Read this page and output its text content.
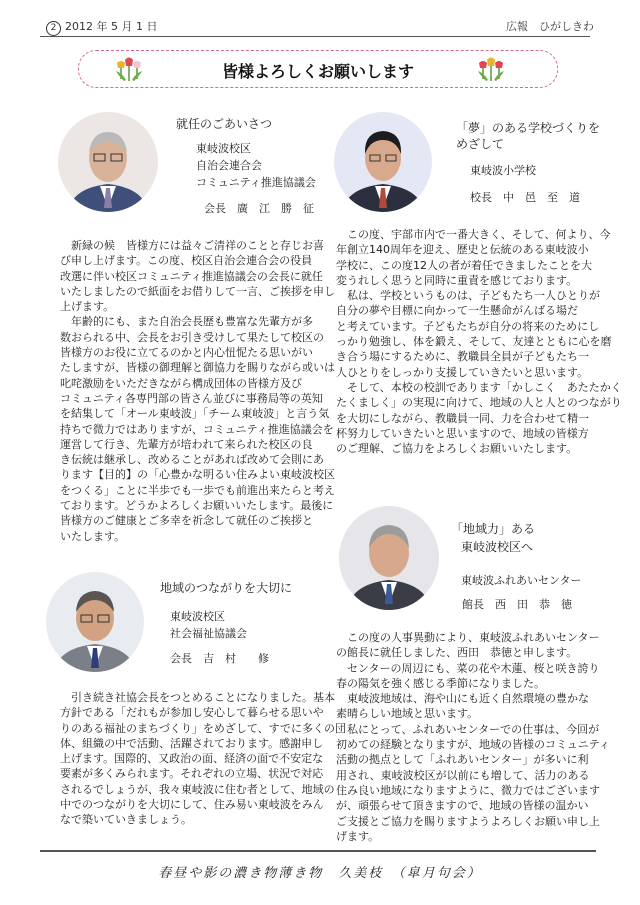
2 2012 年 5 月 1 日	広報　ひがしきわ
皆様よろしくお願いします
就任のごあいさつ
東岐波校区
自治会連合会
コミュニティ推進協議会
会長　廣　江　勝　征
　新緑の候　皆様方には益々ご清祥のことと存じお喜
び申し上げます。この度、校区自治会連合会の役員
改選に伴い校区コミュニティ推進協議会の会長に就任
いたしましたので紙面をお借りして一言、ご挨拶を申し
上げます。
　年齢的にも、また自治会長歴も豊富な先輩方が多
数おられる中、会長をお引き受けして果たして校区の
皆様方のお役に立てるのかと内心忸怩たる思いがい
たしますが、皆様の御理解と御協力を賜りながら或いは
叱咤激励をいただきながら構成団体の皆様方及び
コミュニティ各専門部の皆さん並びに事務局等の英知
を結集して「オール東岐波」「チーム東岐波」と言う気
持ちで微力ではありますが、コミュニティ推進協議会を
運営して行き、先輩方が培われて来られた校区の良
き伝統は継承し、改めることがあれば改めて会則にあ
ります【目的】の「心豊かな明るい住みよい東岐波校区
をつくる」ことに半歩でも一歩でも前進出来たらと考え
ております。どうかよろしくお願いいたします。最後に
皆様方のご健康とご多幸を祈念して就任のご挨拶と
いたします。
「夢」のある学校づくりを
めざして
東岐波小学校
校長　中　邑　至　道
　この度、宇部市内で一番大きく、そして、何より、今
年創立140周年を迎え、歴史と伝統のある東岐波小
学校に、この度12人の者が着任できましたことを大
変うれしく思うと同時に重責を感じております。
　私は、学校というものは、子どもたち一人ひとりが
自分の夢や目標に向かって一生懸命がんばる場だ
と考えています。子どもたちが自分の将来のためにし
っかり勉強し、体を鍛え、そして、友達とともに心を磨
き合う場にするために、教職員全員が子どもたち一
人ひとりをしっかり支援していきたいと思います。
　そして、本校の校訓であります「かしこく　あたたかく
たくましく」の実現に向けて、地域の人と人とのつながり
を大切にしながら、教職員一同、力を合わせて精一
杯努力していきたいと思いますので、地域の皆様方
のご理解、ご協力をよろしくお願いいたします。
地域のつながりを大切に
東岐波校区
社会福祉協議会
会長　吉　村　　修
　引き続き社協会長をつとめることになりました。基本
方針である「だれもが参加し安心して暮らせる思いや
りのある福祉のまちづくり」をめざして、すでに多くの団
体、組織の中で活動、活躍されております。感謝申し
上げます。国際的、又政治の面、経済の面で不安定な
要素が多くみられます。それぞれの立場、状況で対応
されるでしょうが、我々東岐波に住む者として、地域の
中でのつながりを大切にして、住み易い東岐波をみん
なで築いていきましょう。
「地域力」ある
東岐波校区へ
東岐波ふれあいセンター
館長　西　田　恭　徳
　この度の人事異動により、東岐波ふれあいセンター
の館長に就任しました、西田　恭徳と申します。
　センターの周辺にも、菜の花や木蓮、桜と咲き誇り
春の陽気を強く感じる季節になりました。
　東岐波地域は、海や山にも近く自然環境の豊かな
素晴らしい地域と思います。
　私にとって、ふれあいセンターでの仕事は、今回が
初めての経験となりますが、地域の皆様のコミュニティ
活動の拠点として「ふれあいセンター」が多いに利
用され、東岐波校区が以前にも増して、活力のある
住み良い地域になりますように、微力ではございます
が、頑張らせて頂きますので、地域の皆様の温かい
ご支援とご協力を賜りますようよろしくお願い申し上
げます。
春昼や影の濃き物薄き物　久美枝　（皐月句会）
